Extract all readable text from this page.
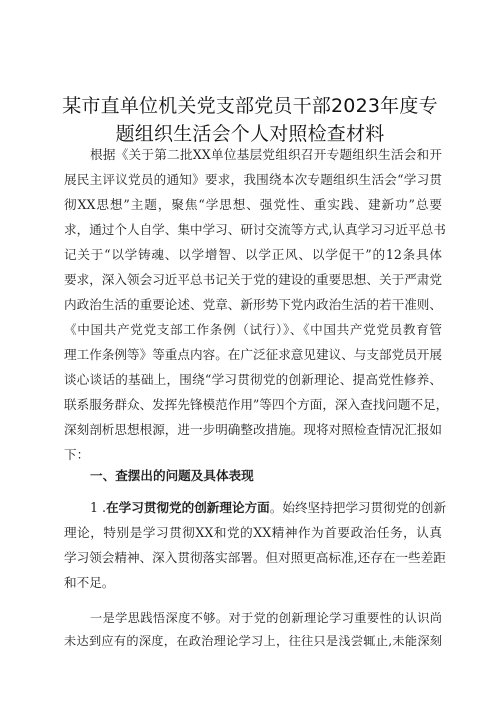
某市直单位机关党支部党员干部2023年度专
题组织生活会个人对照检查材料
根据《关于第二批XX单位基层党组织召开专题组织生活会和开
展民主评议党员的通知》要求，我围绕本次专题组织生活会“学习贯
彻XX思想”主题，聚焦“学思想、强党性、重实践、建新功”总要
求，通过个人自学、集中学习、研讨交流等方式,认真学习习近平总书
记关于“以学铸魂、以学增智、以学正风、以学促干”的12条具体
要求，深入领会习近平总书记关于党的建设的重要思想、关于严肃党
内政治生活的重要论述、党章、新形势下党内政治生活的若干准则、
《中国共产党党支部工作条例（试行）》、《中国共产党党员教育管
理工作条例等》等重点内容。在广泛征求意见建议、与支部党员开展
谈心谈话的基础上，围绕“学习贯彻党的创新理论、提高党性修养、
联系服务群众、发挥先锋模范作用”等四个方面，深入查找问题不足，
深刻剖析思想根源，进一步明确整改措施。现将对照检查情况汇报如
下：
一、查摆出的问题及具体表现
1 .在学习贯彻党的创新理论方面。始终坚持把学习贯彻党的创新
理论，特别是学习贯彻XX和党的XX精神作为首要政治任务，认真
学习领会精神、深入贯彻落实部署。但对照更高标准,还存在一些差距
和不足。
一是学思践悟深度不够。对于党的创新理论学习重要性的认识尚
未达到应有的深度，在政治理论学习上，往往只是浅尝辄止,未能深刻
